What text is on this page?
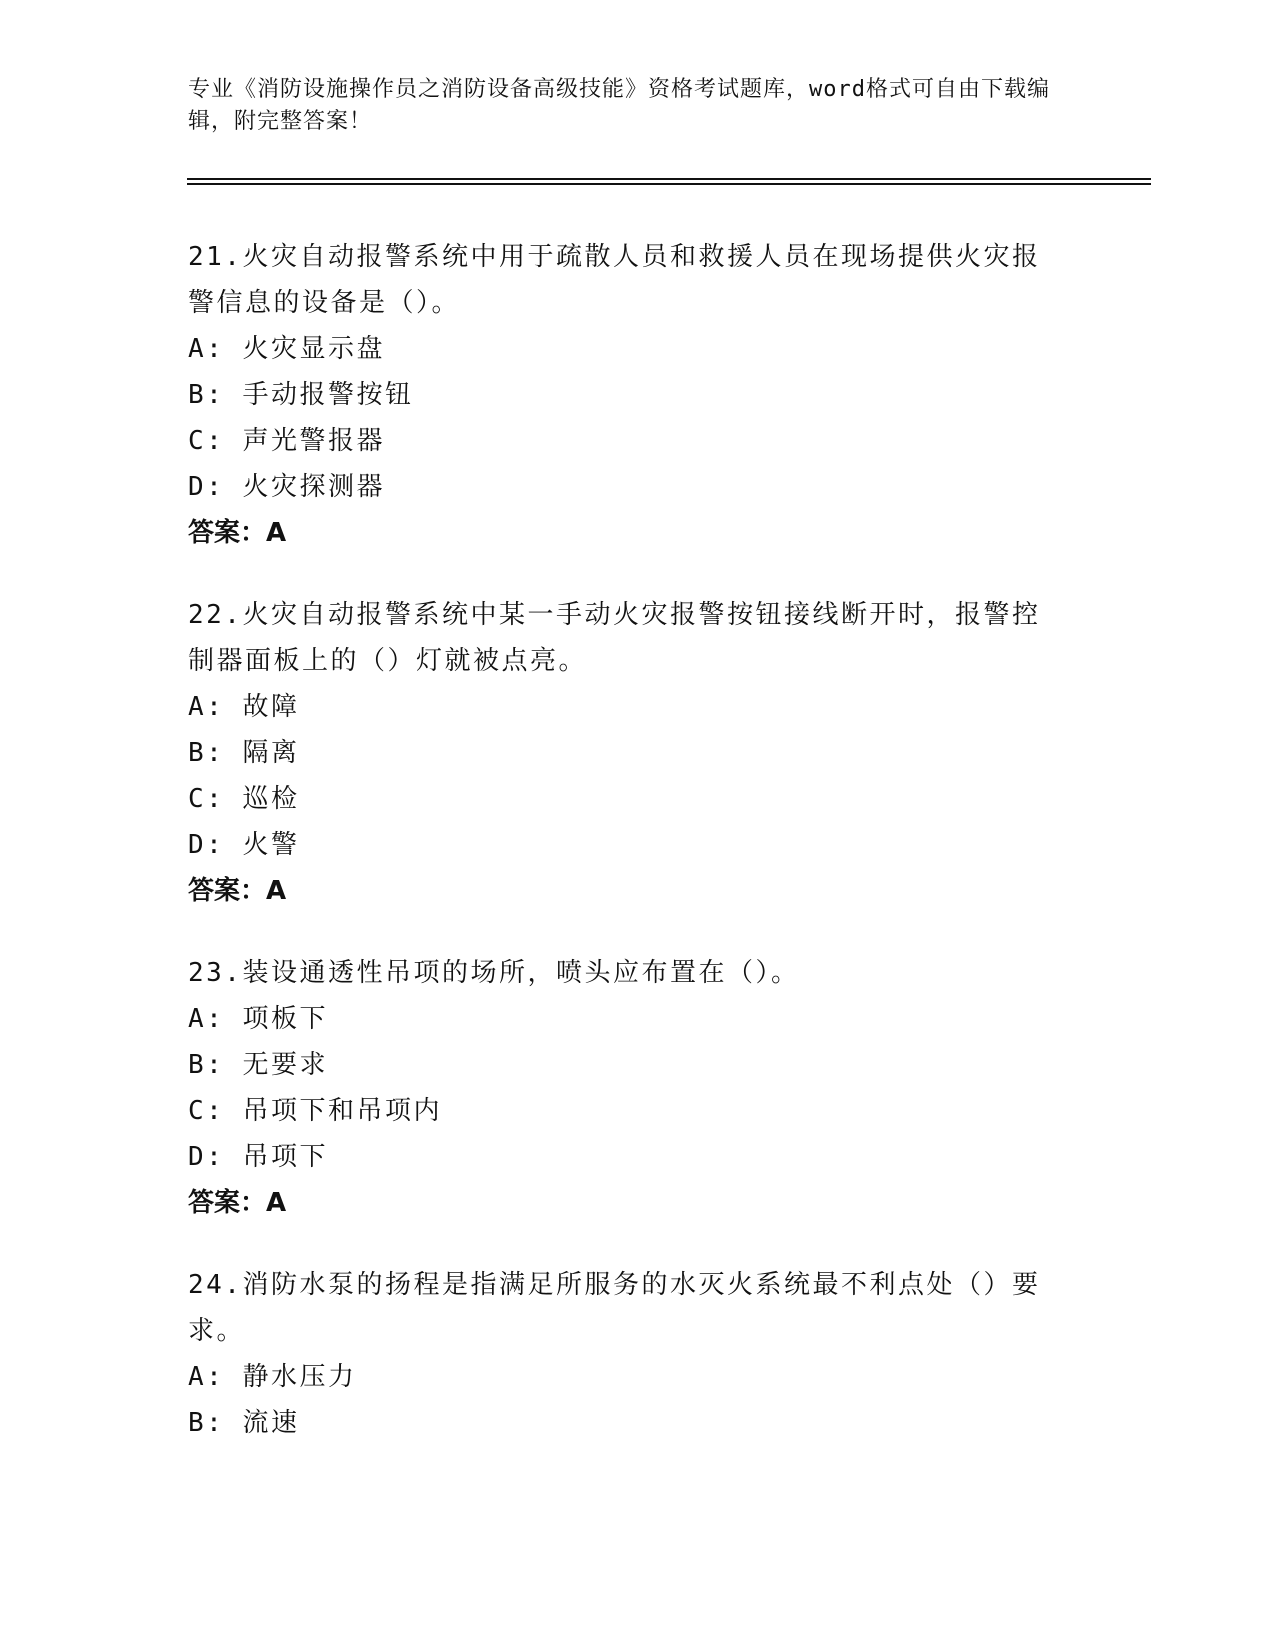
专业《消防设施操作员之消防设备高级技能》资格考试题库，word格式可自由下载编辑，附完整答案！
21.火灾自动报警系统中用于疏散人员和救援人员在现场提供火灾报警信息的设备是（）。
A: 火灾显示盘
B: 手动报警按钮
C: 声光警报器
D: 火灾探测器
答案：A
22.火灾自动报警系统中某一手动火灾报警按钮接线断开时，报警控制器面板上的（）灯就被点亮。
A: 故障
B: 隔离
C: 巡检
D: 火警
答案：A
23.装设通透性吊项的场所，喷头应布置在（）。
A: 项板下
B: 无要求
C: 吊项下和吊项内
D: 吊项下
答案：A
24.消防水泵的扬程是指满足所服务的水灭火系统最不利点处（）要求。
A: 静水压力
B: 流速
